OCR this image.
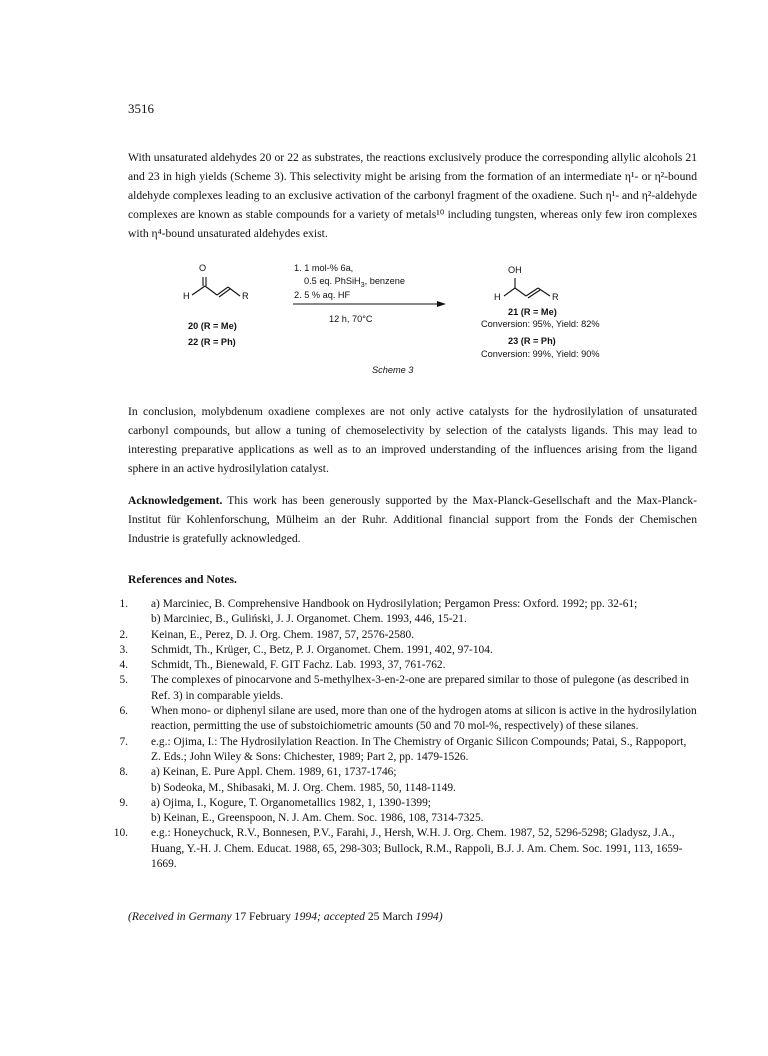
3516

With unsaturated aldehydes 20 or 22 as substrates, the reactions exclusively produce the corresponding allylic alcohols 21 and 23 in high yields (Scheme 3). This selectivity might be arising from the formation of an intermediate η¹- or η²-bound aldehyde complexes leading to an exclusive activation of the carbonyl fragment of the oxadiene. Such η¹- and η²-aldehyde complexes are known as stable compounds for a variety of metals¹⁰ including tungsten, whereas only few iron complexes with η⁴-bound unsaturated aldehydes exist.

O
H	R
20 (R = Me)
22 (R = Ph)
1. 1 mol-% 6a,
0.5 eq. PhSiH$_3$, benzene
2. 5 % aq. HF
12 h, 70°C
OH
H	R
21 (R = Me)
Conversion: 95%, Yield: 82%
23 (R = Ph)
Conversion: 99%, Yield: 90%
Scheme 3

In conclusion, molybdenum oxadiene complexes are not only active catalysts for the hydrosilylation of unsaturated carbonyl compounds, but allow a tuning of chemoselectivity by selection of the catalysts ligands. This may lead to interesting preparative applications as well as to an improved understanding of the influences arising from the ligand sphere in an active hydrosilylation catalyst.

Acknowledgement. This work has been generously supported by the Max-Planck-Gesellschaft and the Max-Planck-Institut für Kohlenforschung, Mülheim an der Ruhr. Additional financial support from the Fonds der Chemischen Industrie is gratefully acknowledged.

References and Notes.
1. a) Marciniec, B. Comprehensive Handbook on Hydrosilylation; Pergamon Press: Oxford. 1992; pp. 32-61;
b) Marciniec, B., Guliński, J. J. Organomet. Chem. 1993, 446, 15-21.
2. Keinan, E., Perez, D. J. Org. Chem. 1987, 57, 2576-2580.
3. Schmidt, Th., Krüger, C., Betz, P. J. Organomet. Chem. 1991, 402, 97-104.
4. Schmidt, Th., Bienewald, F. GIT Fachz. Lab. 1993, 37, 761-762.
5. The complexes of pinocarvone and 5-methylhex-3-en-2-one are prepared similar to those of pulegone (as described in Ref. 3) in comparable yields.
6. When mono- or diphenyl silane are used, more than one of the hydrogen atoms at silicon is active in the hydrosilylation reaction, permitting the use of substoichiometric amounts (50 and 70 mol-%, respectively) of these silanes.
7. e.g.: Ojima, I.: The Hydrosilylation Reaction. In The Chemistry of Organic Silicon Compounds; Patai, S., Rappoport, Z. Eds.; John Wiley & Sons: Chichester, 1989; Part 2, pp. 1479-1526.
8. a) Keinan, E. Pure Appl. Chem. 1989, 61, 1737-1746;
b) Sodeoka, M., Shibasaki, M. J. Org. Chem. 1985, 50, 1148-1149.
9. a) Ojima, I., Kogure, T. Organometallics 1982, 1, 1390-1399;
b) Keinan, E., Greenspoon, N. J. Am. Chem. Soc. 1986, 108, 7314-7325.
10. e.g.: Honeychuck, R.V., Bonnesen, P.V., Farahi, J., Hersh, W.H. J. Org. Chem. 1987, 52, 5296-5298; Gladysz, J.A., Huang, Y.-H. J. Chem. Educat. 1988, 65, 298-303; Bullock, R.M., Rappoli, B.J. J. Am. Chem. Soc. 1991, 113, 1659-1669.
(Received in Germany 17 February 1994; accepted 25 March 1994)
